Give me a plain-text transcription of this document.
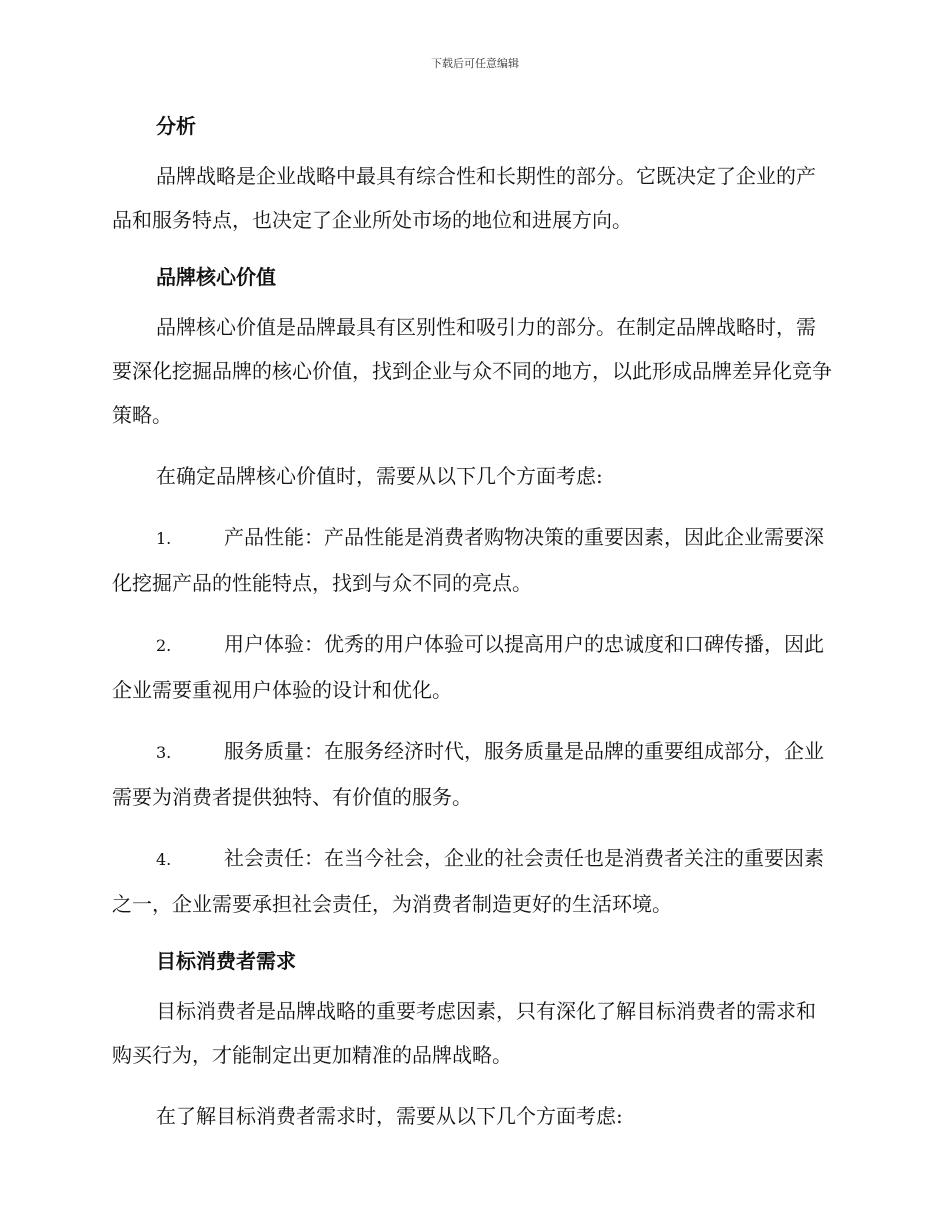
下载后可任意编辑
分析

品牌战略是企业战略中最具有综合性和长期性的部分。它既决定了企业的产品和服务特点，也决定了企业所处市场的地位和进展方向。

品牌核心价值

品牌核心价值是品牌最具有区别性和吸引力的部分。在制定品牌战略时，需要深化挖掘品牌的核心价值，找到企业与众不同的地方，以此形成品牌差异化竞争策略。

在确定品牌核心价值时，需要从以下几个方面考虑:

1.	产品性能：产品性能是消费者购物决策的重要因素，因此企业需要深化挖掘产品的性能特点，找到与众不同的亮点。
2.	用户体验：优秀的用户体验可以提高用户的忠诚度和口碑传播，因此企业需要重视用户体验的设计和优化。
3.	服务质量：在服务经济时代，服务质量是品牌的重要组成部分，企业需要为消费者提供独特、有价值的服务。
4.	社会责任：在当今社会，企业的社会责任也是消费者关注的重要因素之一，企业需要承担社会责任，为消费者制造更好的生活环境。
目标消费者需求

目标消费者是品牌战略的重要考虑因素，只有深化了解目标消费者的需求和购买行为，才能制定出更加精准的品牌战略。

在了解目标消费者需求时，需要从以下几个方面考虑:
